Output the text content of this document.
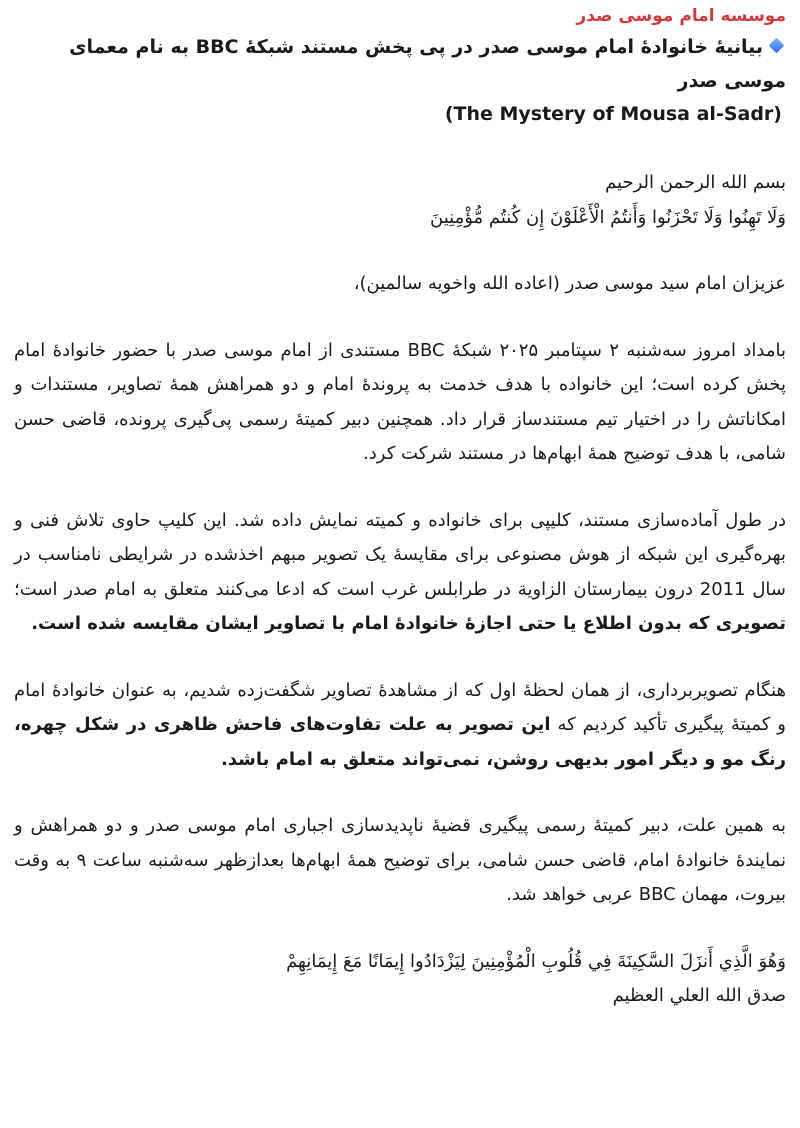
موسسه امام موسی صدر
بیانیهٔ خانوادهٔ امام موسی صدر در پی پخش مستند شبکهٔ BBC به نام معمای موسی صدر
(The Mystery of Mousa al-Sadr)

بسم الله الرحمن الرحیم

وَلَا تَهِنُوا وَلَا تَحْزَنُوا وَأَنتُمُ الْأَعْلَوْنَ إِن كُنتُم مُّؤْمِنِينَ

عزیزان امام سید موسی صدر (اعاده الله واخویه سالمین)،

بامداد امروز سه‌شنبه ۲ سپتامبر ۲۰۲۵ شبکهٔ BBC مستندی از امام موسی صدر با حضور خانوادهٔ امام پخش کرده است؛ این خانواده با هدف خدمت به پروندهٔ امام و دو همراهش همهٔ تصاویر، مستندات و امکاناتش را در اختیار تیم مستندساز قرار داد. همچنین دبیر کمیتهٔ رسمی پی‌گیری پرونده، قاضی حسن شامی، با هدف توضیح همهٔ ابهام‌ها در مستند شرکت کرد.

در طول آماده‌سازی مستند، کلیپی برای خانواده و کمیته نمایش داده شد. این کلیپ حاوی تلاش فنی و بهره‌گیری این شبکه از هوش مصنوعی برای مقایسهٔ یک تصویر مبهم اخذشده در شرایطی نامناسب در سال 2011 درون بیمارستان الزاویة در طرابلس غرب است که ادعا می‌کنند متعلق به امام صدر است؛ تصویری که بدون اطلاع یا حتی اجازهٔ خانوادهٔ امام با تصاویر ایشان مقایسه شده است.

هنگام تصویربرداری، از همان لحظهٔ اول که از مشاهدهٔ تصاویر شگفت‌زده شدیم، به عنوان خانوادهٔ امام و کمیتهٔ پیگیری تأکید کردیم که این تصویر به علت تفاوت‌های فاحش ظاهری در شکل چهره، رنگ مو و دیگر امور بدیهی روشن، نمی‌تواند متعلق به امام باشد.

به همین علت، دبیر کمیتهٔ رسمی پیگیری قضیهٔ ناپدیدسازی اجباری امام موسی صدر و دو همراهش و نمایندهٔ خانوادهٔ امام، قاضی حسن شامی، برای توضیح همهٔ ابهام‌ها بعدازظهر سه‌شنبه ساعت ۹ به وقت بیروت، مهمان BBC عربی خواهد شد.

وَهُوَ الَّذِي أَنزَلَ السَّكِينَةَ فِي قُلُوبِ الْمُؤْمِنِينَ لِيَزْدَادُوا إِيمَانًا مَعَ إِيمَانِهِمْ

صدق الله العلي العظیم
